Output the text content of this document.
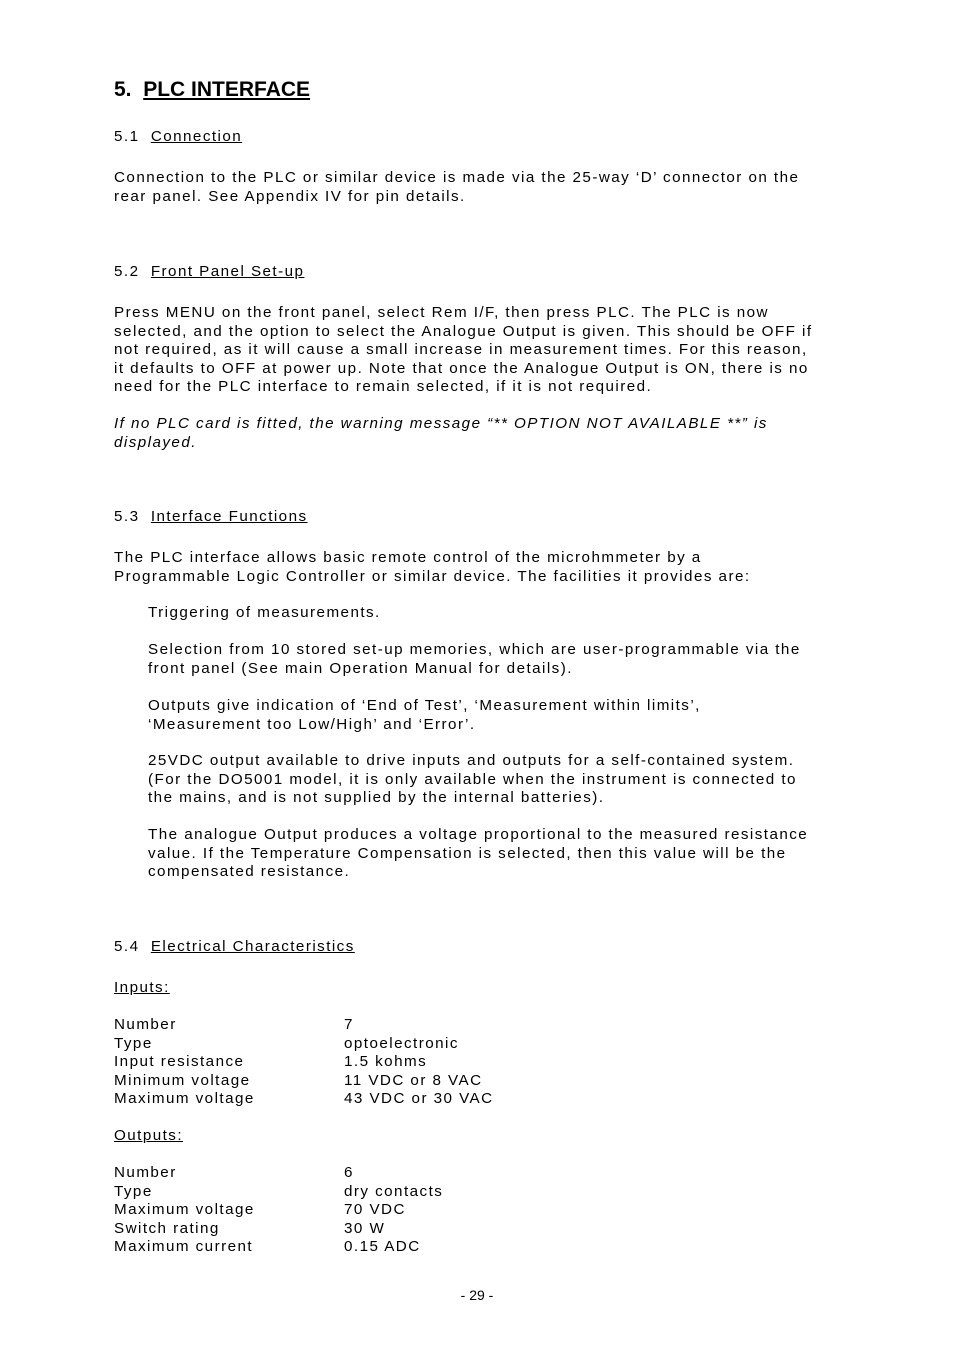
5. PLC INTERFACE
5.1 Connection
Connection to the PLC or similar device is made via the 25-way ‘D’ connector on the
rear panel. See Appendix IV for pin details.
5.2 Front Panel Set-up
Press MENU on the front panel, select Rem I/F, then press PLC. The PLC is now
selected, and the option to select the Analogue Output is given. This should be OFF if
not required, as it will cause a small increase in measurement times. For this reason,
it defaults to OFF at power up. Note that once the Analogue Output is ON, there is no
need for the PLC interface to remain selected, if it is not required.
If no PLC card is fitted, the warning message “** OPTION NOT AVAILABLE **” is
displayed.
5.3 Interface Functions
The PLC interface allows basic remote control of the microhmmeter by a
Programmable Logic Controller or similar device. The facilities it provides are:
Triggering of measurements.
Selection from 10 stored set-up memories, which are user-programmable via the
front panel (See main Operation Manual for details).
Outputs give indication of ‘End of Test’, ‘Measurement within limits’,
‘Measurement too Low/High’ and ‘Error’.
25VDC output available to drive inputs and outputs for a self-contained system.
(For the DO5001 model, it is only available when the instrument is connected to
the mains, and is not supplied by the internal batteries).
The analogue Output produces a voltage proportional to the measured resistance
value. If the Temperature Compensation is selected, then this value will be the
compensated resistance.
5.4 Electrical Characteristics
Inputs:
Number	7
Type	optoelectronic
Input resistance	1.5 kohms
Minimum voltage	11 VDC or 8 VAC
Maximum voltage	43 VDC or 30 VAC
Outputs:
Number	6
Type	dry contacts
Maximum voltage	70 VDC
Switch rating	30 W
Maximum current	0.15 ADC
- 29 -
